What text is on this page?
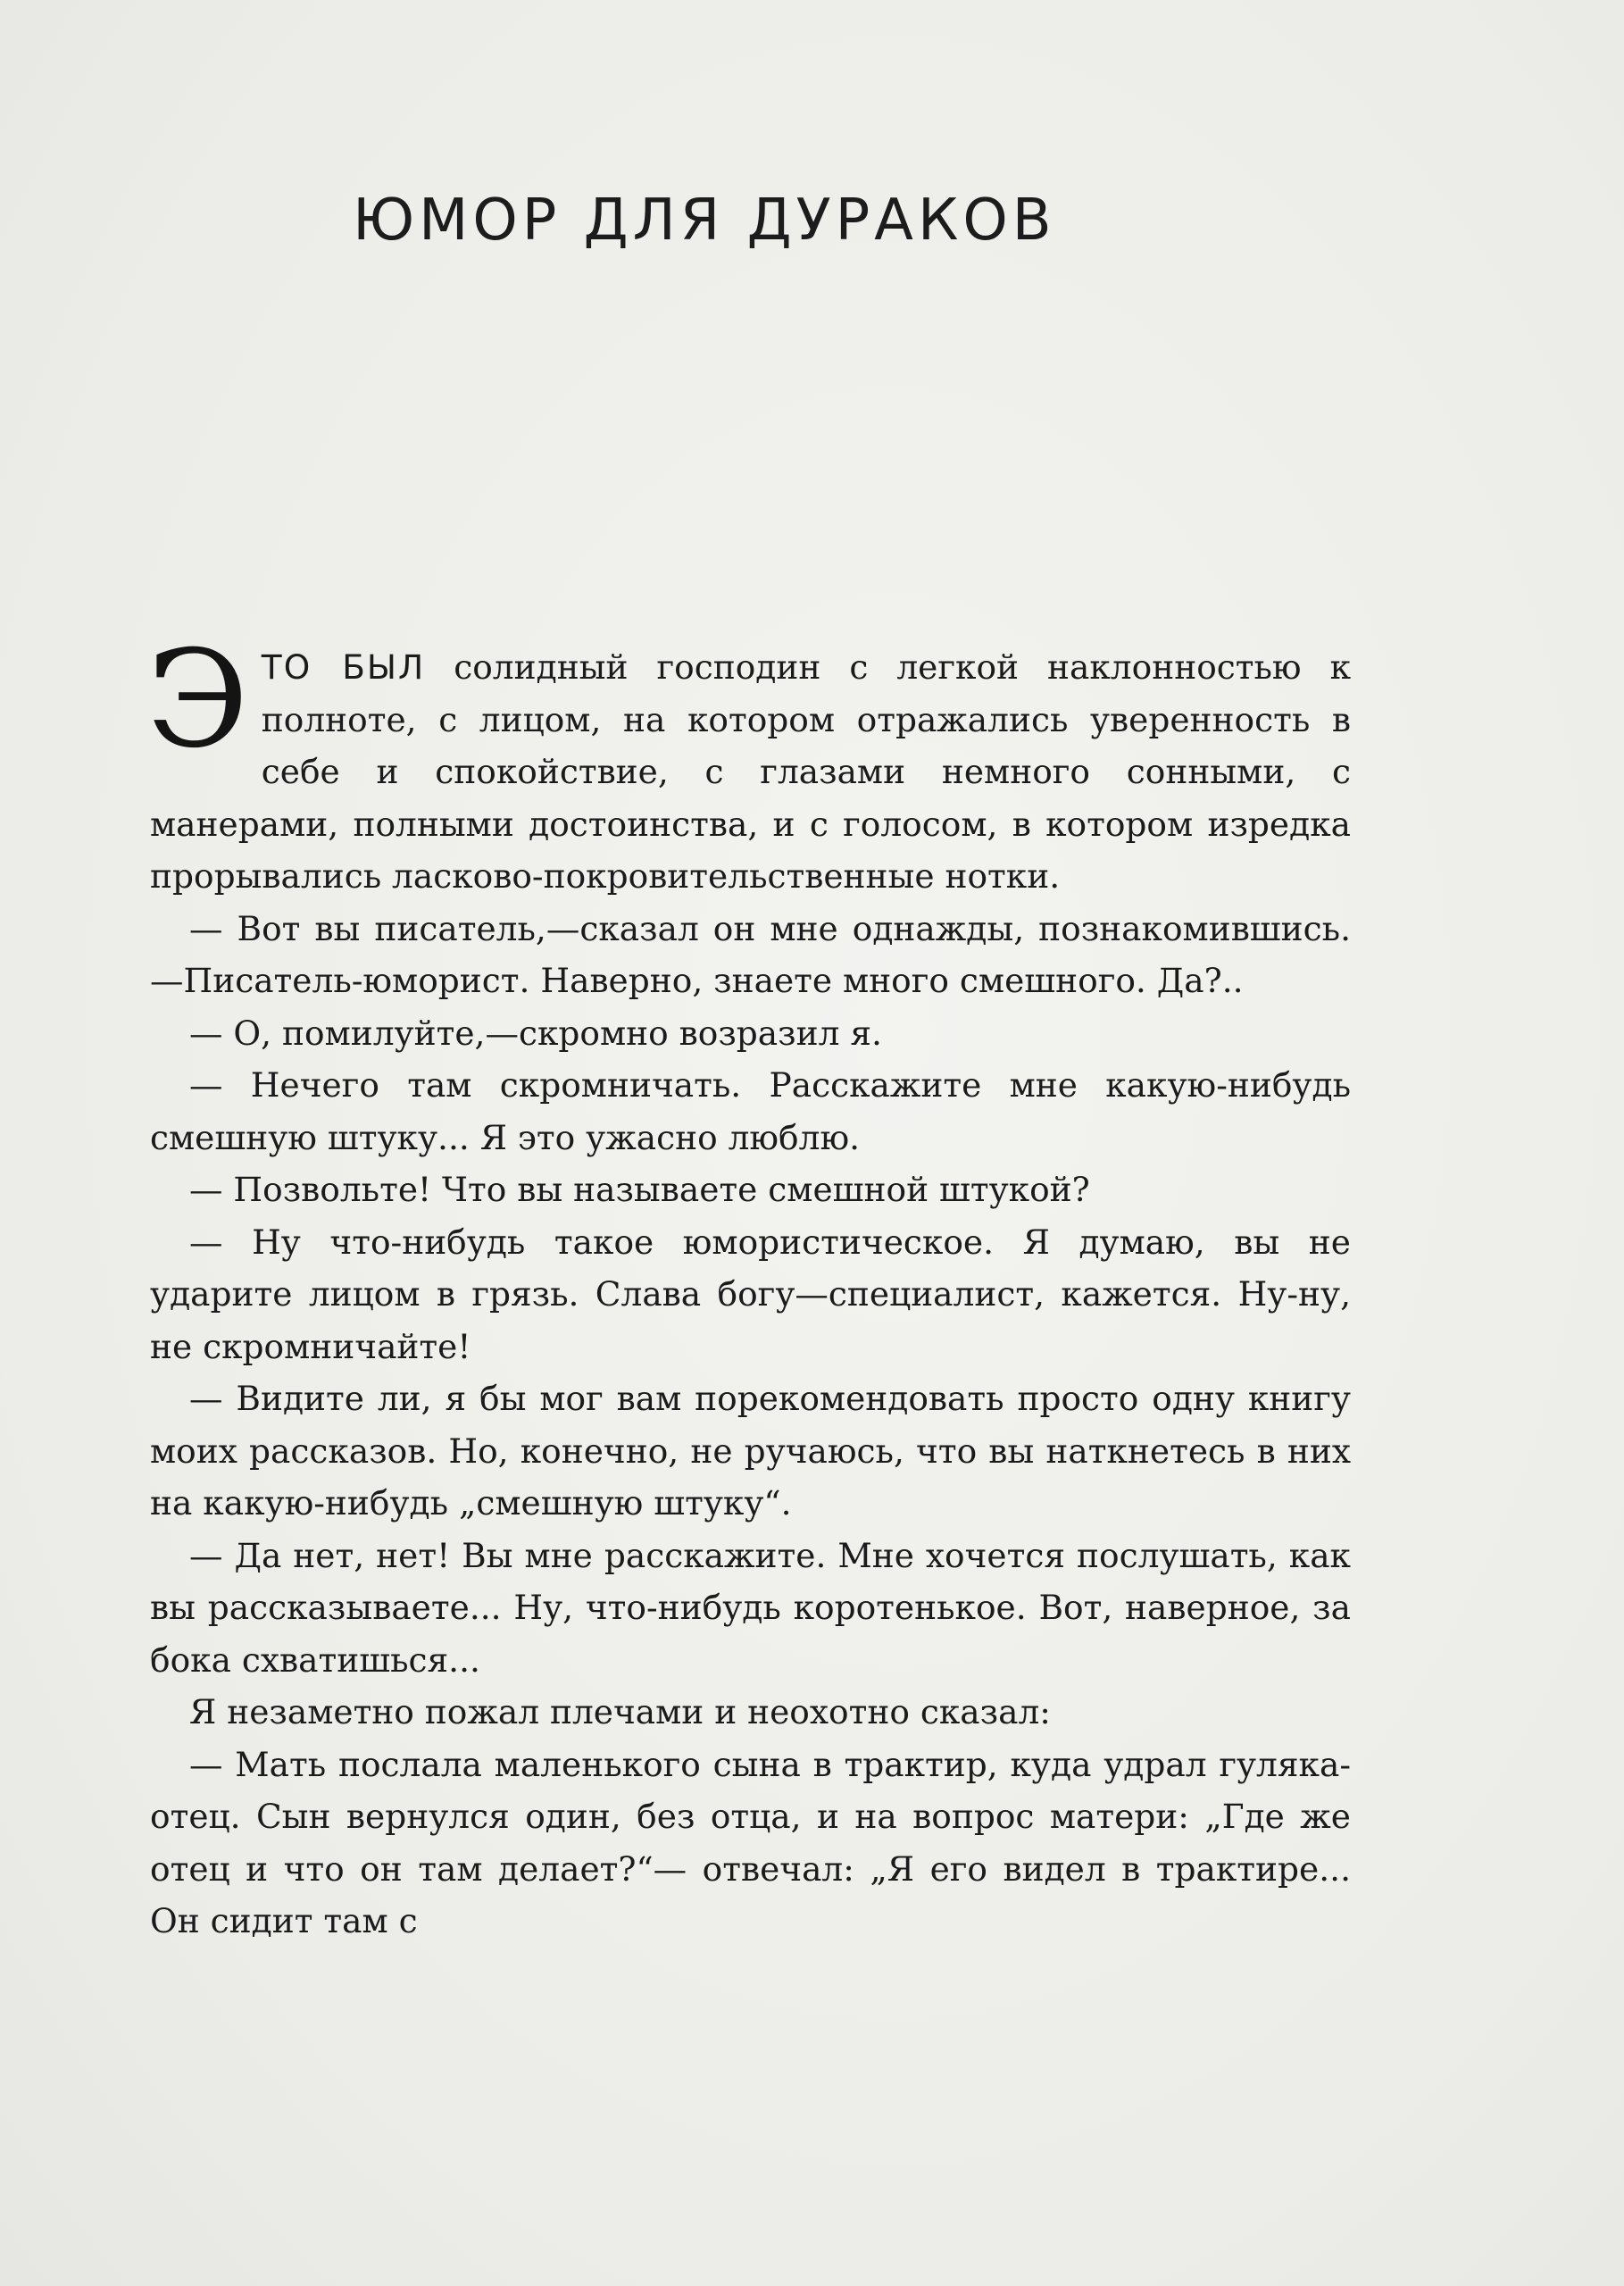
ЮМОР ДЛЯ ДУРАКОВ

ЭТО БЫЛ солидный господин с легкой наклонностью к полноте, с лицом, на котором отражались уверенность в себе и спокойствие, с глазами немного сонными, с манерами, полными достоинства, и с голосом, в котором изредка прорывались ласково-покровительственные нотки.

— Вот вы писатель,—сказал он мне однажды, познакомившись.—Писатель-юморист. Наверно, знаете много смешного. Да?..

— О, помилуйте,—скромно возразил я.

— Нечего там скромничать. Расскажите мне какую-нибудь смешную штуку... Я это ужасно люблю.

— Позвольте! Что вы называете смешной штукой?

— Ну что-нибудь такое юмористическое. Я думаю, вы не ударите лицом в грязь. Слава богу—специалист, кажется. Ну-ну, не скромничайте!

— Видите ли, я бы мог вам порекомендовать просто одну книгу моих рассказов. Но, конечно, не ручаюсь, что вы наткнетесь в них на какую-нибудь „смешную штуку“.

— Да нет, нет! Вы мне расскажите. Мне хочется послушать, как вы рассказываете... Ну, что-нибудь коротенькое. Вот, наверное, за бока схватишься...

Я незаметно пожал плечами и неохотно сказал:

— Мать послала маленького сына в трактир, куда удрал гуляка-отец. Сын вернулся один, без отца, и на вопрос матери: „Где же отец и что он там делает?“— отвечал: „Я его видел в трактире... Он сидит там с
